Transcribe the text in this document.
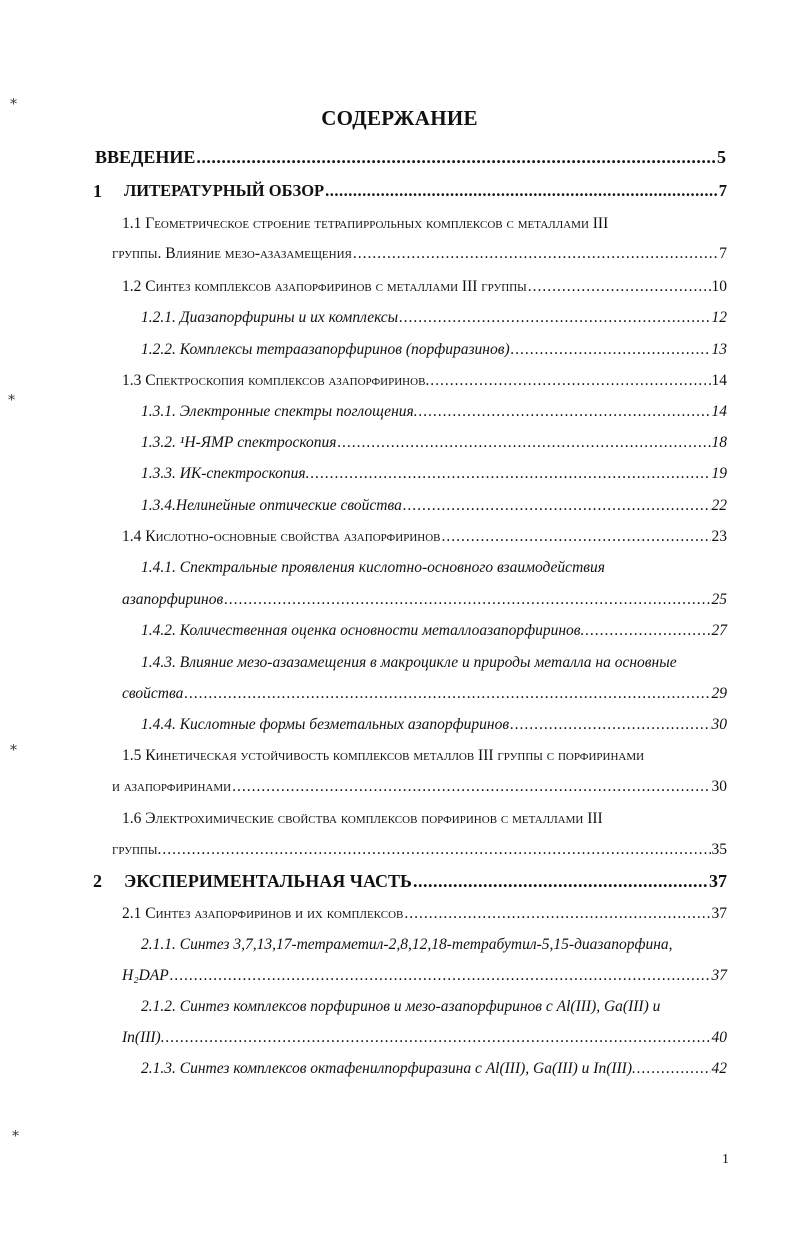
СОДЕРЖАНИЕ
ВВЕДЕНИЕ .....	5
1 ЛИТЕРАТУРНЫЙ ОБЗОР .....	7
1.1 Геометрическое строение тетрапиррольных комплексов с металлами III
группы. Влияние мезо-азазамещения .....	7
1.2 Синтез комплексов азапорфиринов с металлами III группы .....	10
1.2.1. Диазапорфирины и их комплексы .....	12
1.2.2. Комплексы тетраазапорфиринов (порфиразинов) .....	13
1.3 Спектроскопия комплексов азапорфиринов. .....	14
1.3.1. Электронные спектры поглощения. .....	14
1.3.2. ¹Н-ЯМР спектроскопия .....	18
1.3.3. ИК-спектроскопия. .....	19
1.3.4.Нелинейные оптические свойства .....	22
1.4 Кислотно-основные свойства азапорфиринов .....	23
1.4.1. Спектральные проявления кислотно-основного взаимодействия
азапорфиринов .....	25
1.4.2. Количественная оценка основности металлоазапорфиринов. .....	27
1.4.3. Влияние мезо-азазамещения в макроцикле и природы металла на основные
свойства .....	29
1.4.4. Кислотные формы безметальных азапорфиринов .....	30
1.5 Кинетическая устойчивость комплексов металлов III группы с порфиринами
и азапорфиринами .....	30
1.6 Электрохимические свойства комплексов порфиринов с металлами III
группы. .....	35
2 ЭКСПЕРИМЕНТАЛЬНАЯ ЧАСТЬ .....	37
2.1 Синтез азапорфиринов и их комплексов .....	37
2.1.1. Синтез 3,7,13,17-тетраметил-2,8,12,18-тетрабутил-5,15-диазапорфина,
H₂DAP .....	37
2.1.2. Синтез комплексов порфиринов и мезо-азапорфиринов с Al(III), Ga(III) и
In(III). .....	40
2.1.3. Синтез комплексов октафенилпорфиразина с Al(III), Ga(III) и In(III). .....	42
⁎
⁎
⁎
⁎
1
